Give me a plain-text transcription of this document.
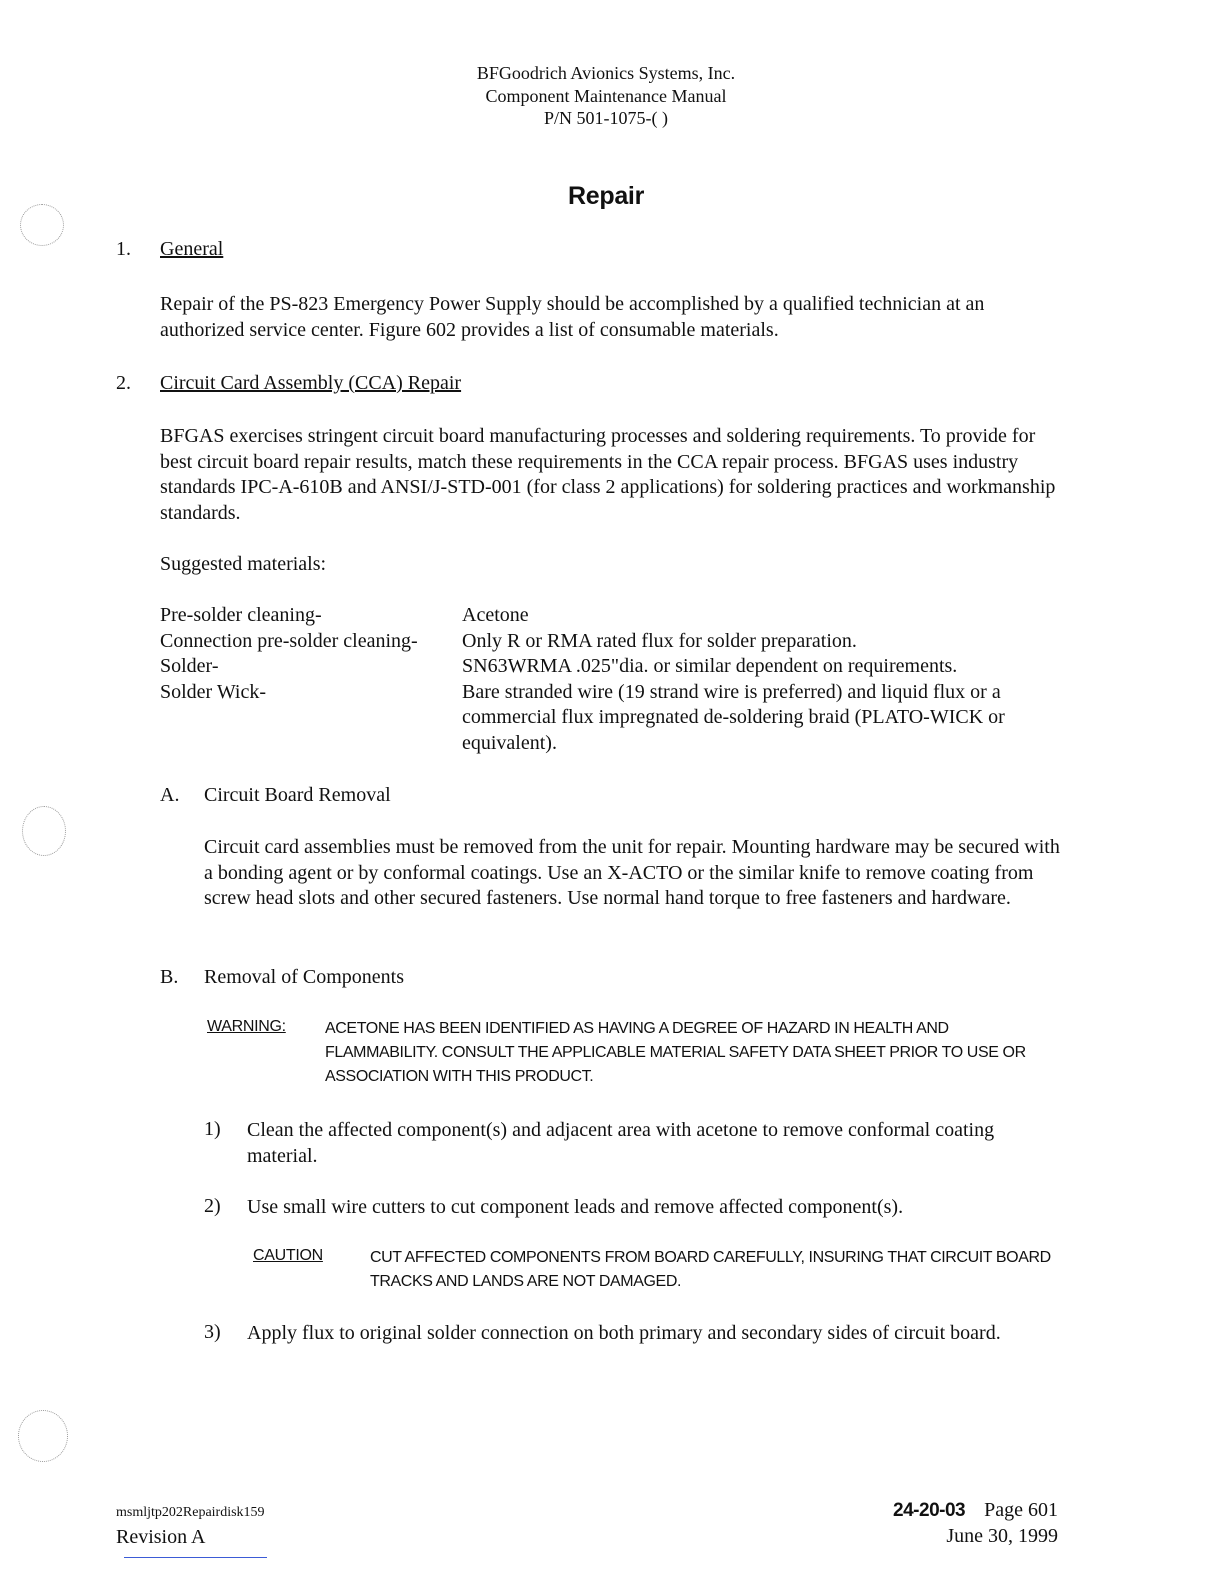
BFGoodrich Avionics Systems, Inc.
Component Maintenance Manual
P/N 501-1075-( )
Repair
1. General
Repair of the PS-823 Emergency Power Supply should be accomplished by a qualified technician at an authorized service center. Figure 602 provides a list of consumable materials.
2. Circuit Card Assembly (CCA) Repair
BFGAS exercises stringent circuit board manufacturing processes and soldering requirements. To provide for best circuit board repair results, match these requirements in the CCA repair process. BFGAS uses industry standards IPC-A-610B and ANSI/J-STD-001 (for class 2 applications) for soldering practices and workmanship standards.
Suggested materials:
Pre-solder cleaning-	Acetone
Connection pre-solder cleaning-	Only R or RMA rated flux for solder preparation.
Solder-	SN63WRMA .025"dia. or similar dependent on requirements.
Solder Wick-	Bare stranded wire (19 strand wire is preferred) and liquid flux or a commercial flux impregnated de-soldering braid (PLATO-WICK or equivalent).
A. Circuit Board Removal
Circuit card assemblies must be removed from the unit for repair. Mounting hardware may be secured with a bonding agent or by conformal coatings. Use an X-ACTO or the similar knife to remove coating from screw head slots and other secured fasteners. Use normal hand torque to free fasteners and hardware.
B. Removal of Components
WARNING: ACETONE HAS BEEN IDENTIFIED AS HAVING A DEGREE OF HAZARD IN HEALTH AND FLAMMABILITY. CONSULT THE APPLICABLE MATERIAL SAFETY DATA SHEET PRIOR TO USE OR ASSOCIATION WITH THIS PRODUCT.
1) Clean the affected component(s) and adjacent area with acetone to remove conformal coating material.
2) Use small wire cutters to cut component leads and remove affected component(s).
CAUTION	CUT AFFECTED COMPONENTS FROM BOARD CAREFULLY, INSURING THAT CIRCUIT BOARD TRACKS AND LANDS ARE NOT DAMAGED.
3) Apply flux to original solder connection on both primary and secondary sides of circuit board.
msmljtp202Repairdisk159
Revision A
24-20-03 Page 601
June 30, 1999
